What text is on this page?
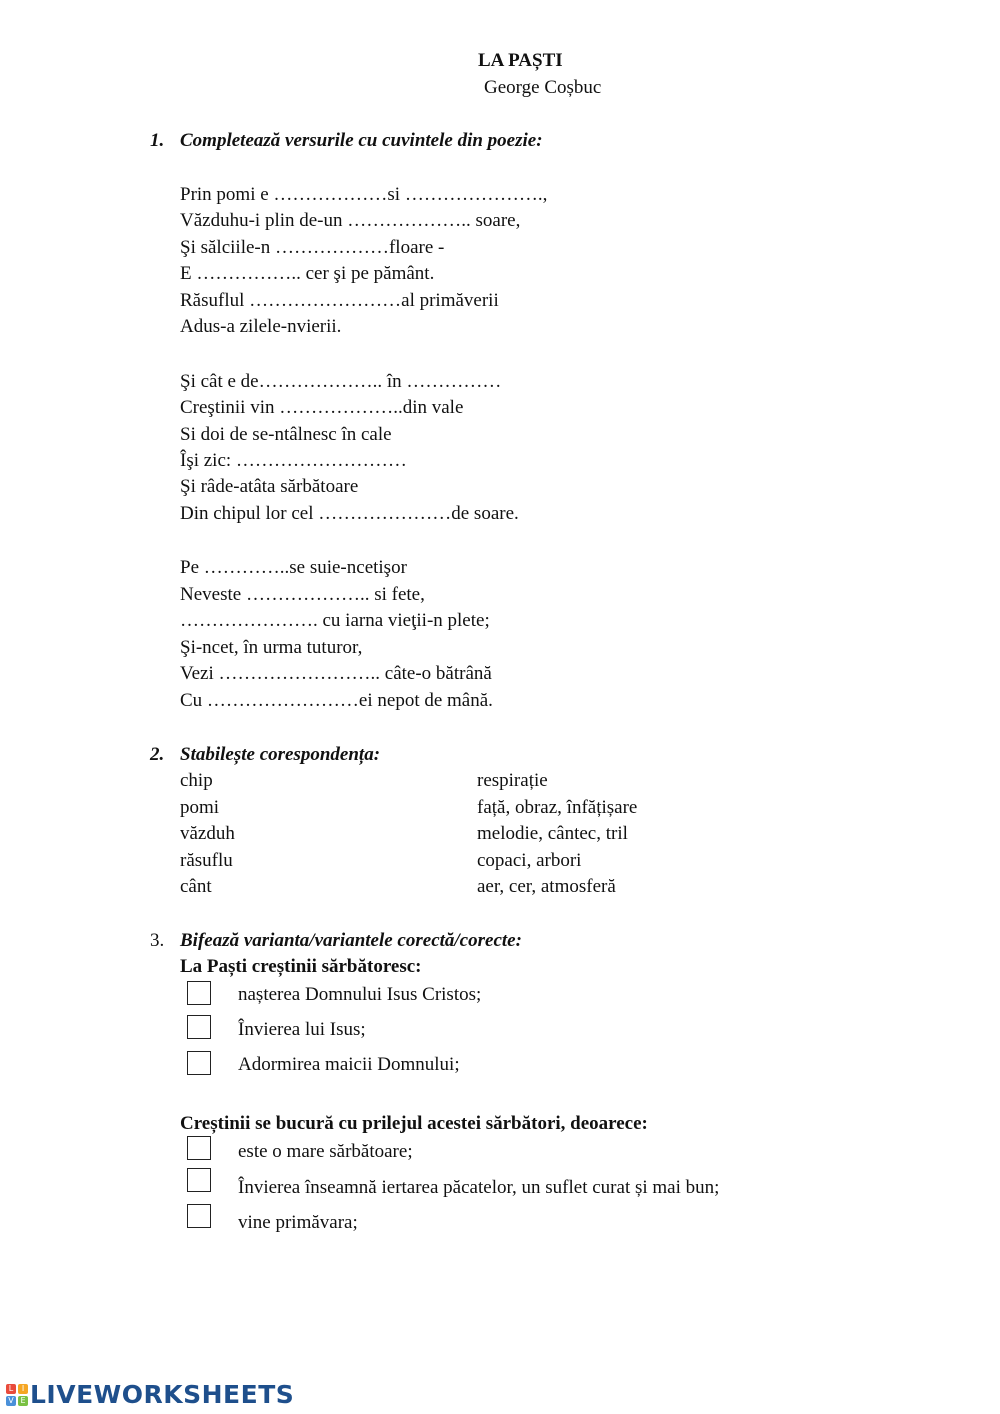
LA PAȘTI
George Coșbuc
1. Completează versurile cu cuvintele din poezie:
Prin pomi e ………………si ………………….,
Văzduhu-i plin de-un ……………….. soare,
Şi sălciile-n ………………floare -
E …………….. cer şi pe pământ.
Răsuflul ……………………al primăverii
Adus-a zilele-nvierii.
Şi cât e de……………….. în ……………
Creştinii vin ………………..din vale
Si doi de se-ntâlnesc în cale
Îşi zic: ………………………
Şi râde-atâta sărbătoare
Din chipul lor cel …………………de soare.
Pe …………..se suie-ncetişor
Neveste ……………….. si fete,
…………………. cu iarna vieţii-n plete;
Şi-ncet, în urma tuturor,
Vezi …………………….. câte-o bătrână
Cu ……………………ei nepot de mână.
2. Stabilește corespondența:
chip
pomi
văzduh
răsuflu
cânt
respirație
față, obraz, înfățișare
melodie, cântec, tril
copaci, arbori
aer, cer, atmosferă
3. Bifează varianta/variantele corectă/corecte:
La Paști creștinii sărbătoresc:
nașterea Domnului Isus Cristos;
Învierea lui Isus;
Adormirea maicii Domnului;
Creștinii se bucură cu prilejul acestei sărbători, deoarece:
este o mare sărbătoare;
Învierea înseamnă iertarea păcatelor, un suflet curat și mai bun;
vine primăvara;
L	I
V E LIVEWORKSHEETS
